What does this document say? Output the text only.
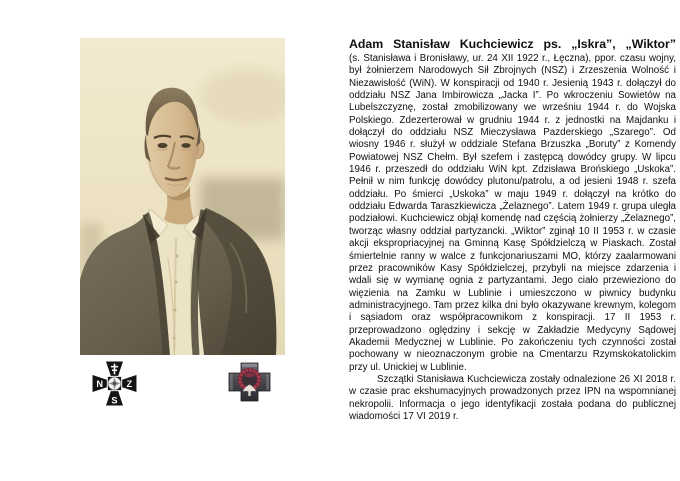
N	Z
S
Adam Stanisław Kuchciewicz ps. „Iskra”, „Wiktor”

(s. Stanisława i Bronisławy, ur. 24 XII 1922 r., Łęczna), ppor. czasu wojny, był żołnierzem Narodowych Sił Zbrojnych (NSZ) i Zrzeszenia Wolność i Niezawisłość (WiN). W konspiracji od 1940 r. Jesienią 1943 r. dołączył do oddziału NSZ Jana Imbirowicza „Jacka I”. Po wkroczeniu Sowietów na Lubelszczyznę, został zmobilizowany we wrześniu 1944 r. do Wojska Polskiego. Zdezerterował w grudniu 1944 r. z jednostki na Majdanku i dołączył do oddziału NSZ Mieczysława Pazderskiego „Szarego”. Od wiosny 1946 r. służył w oddziale Stefana Brzuszka „Boruty” z Komendy Powiatowej NSZ Chełm. Był szefem i zastępcą dowódcy grupy. W lipcu 1946 r. przeszedł do oddziału WiN kpt. Zdzisława Brońskiego „Uskoka”. Pełnił w nim funkcję dowódcy plutonu/patrolu, a od jesieni 1948 r. szefa oddziału. Po śmierci „Uskoka” w maju 1949 r. dołączył na krótko do oddziału Edwarda Taraszkiewicza „Żelaznego”. Latem 1949 r. grupa uległa podziałowi. Kuchciewicz objął komendę nad częścią żołnierzy „Żelaznego”, tworząc własny oddział partyzancki. „Wiktor” zginął 10 II 1953 r. w czasie akcji ekspropriacyjnej na Gminną Kasę Spółdzielczą w Piaskach. Został śmiertelnie ranny w walce z funkcjonariuszami MO, którzy zaalarmowani przez pracowników Kasy Spółdzielczej, przybyli na miejsce zdarzenia i wdali się w wymianę ognia z partyzantami. Jego ciało przewieziono do więzienia na Zamku w Lublinie i umieszczono w piwnicy budynku administracyjnego. Tam przez kilka dni było okazywane krewnym, kolegom i sąsiadom oraz współpracownikom z konspiracji. 17 II 1953 r. przeprowadzono oględziny i sekcję w Zakładzie Medycyny Sądowej Akademii Medycznej w Lublinie. Po zakończeniu tych czynności został pochowany w nieoznaczonym grobie na Cmentarzu Rzymskokatolickim przy ul. Unickiej w Lublinie.

Szczątki Stanisława Kuchciewicza zostały odnalezione 26 XI 2018 r. w czasie prac ekshumacyjnych prowadzonych przez IPN na wspomnianej nekropolii. Informacja o jego identyfikacji została podana do publicznej wiadomości 17 VI 2019 r.
